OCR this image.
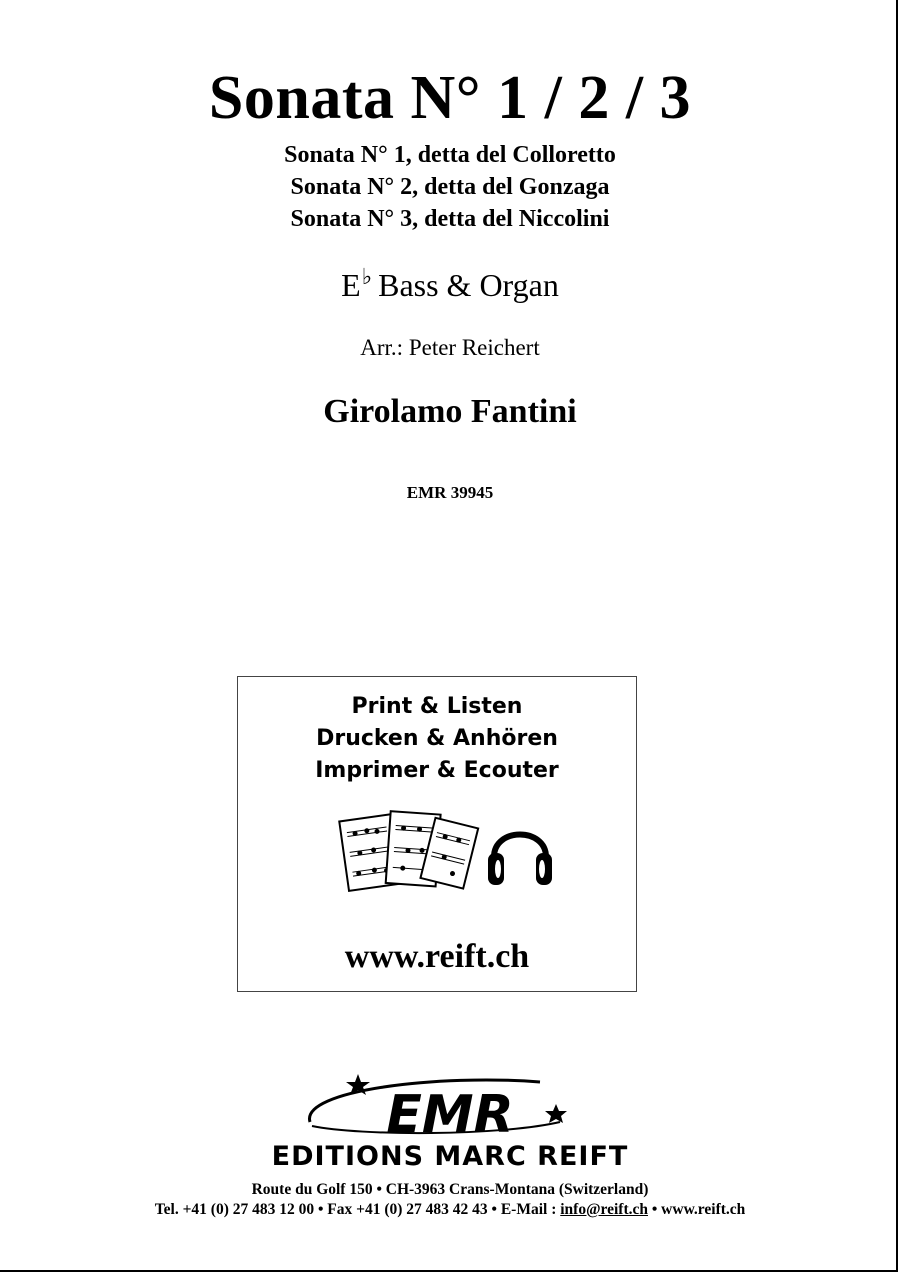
Sonata N° 1 / 2 / 3
Sonata N° 1, detta del Colloretto
Sonata N° 2, detta del Gonzaga
Sonata N° 3, detta del Niccolini
E♭ Bass & Organ
Arr.: Peter Reichert
Girolamo Fantini
EMR 39945
Print & Listen
Drucken & Anhören
Imprimer & Ecouter
www.reift.ch
EMR
EDITIONS MARC REIFT
Route du Golf 150 • CH-3963 Crans-Montana (Switzerland)
Tel. +41 (0) 27 483 12 00 • Fax +41 (0) 27 483 42 43 • E-Mail : info@reift.ch • www.reift.ch
